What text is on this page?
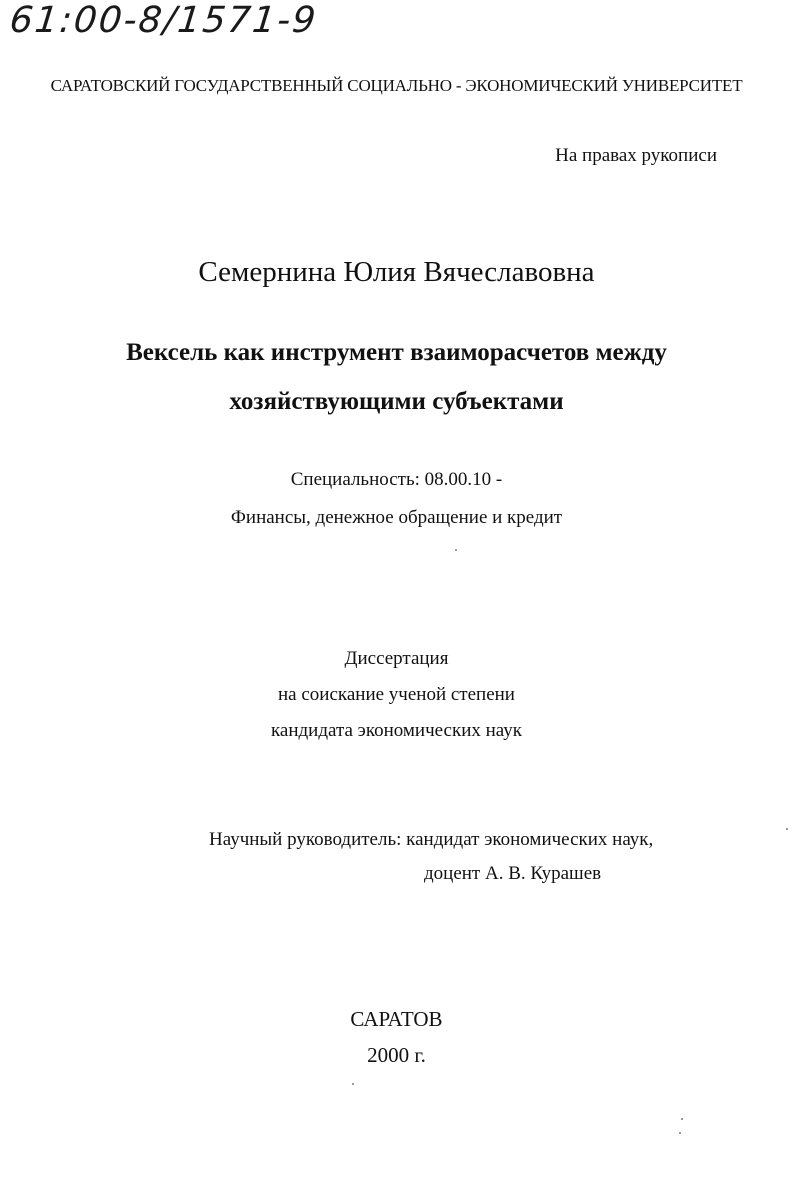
61:00-8/1571-9
САРАТОВСКИЙ ГОСУДАРСТВЕННЫЙ СОЦИАЛЬНО - ЭКОНОМИЧЕСКИЙ УНИВЕРСИТЕТ
На правах рукописи
Семернина Юлия Вячеславовна
Вексель как инструмент взаиморасчетов между
хозяйствующими субъектами
Специальность: 08.00.10 -
Финансы, денежное обращение и кредит
Диссертация
на соискание ученой степени
кандидата экономических наук
Научный руководитель: кандидат экономических наук,
доцент А. В. Курашев
САРАТОВ
2000 г.
